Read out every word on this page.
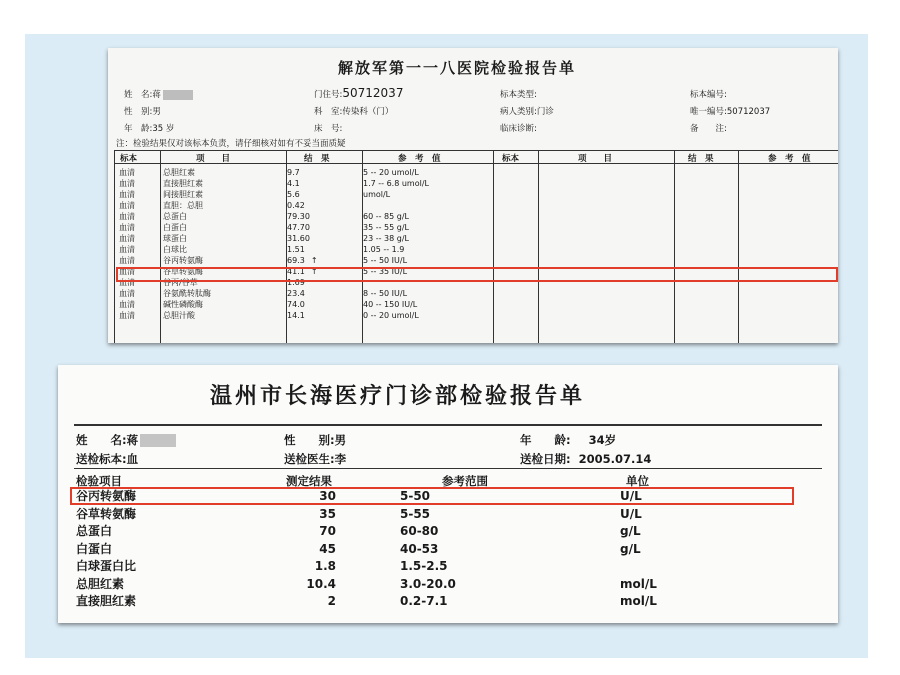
解放军第一一八医院检验报告单
姓　名:蒋
性　别:男
年　龄:35 岁
门住号:50712037
科　室:传染科（门）
床　号:
标本类型:
病人类别:门诊
临床诊断:
标本编号:
唯一编号:50712037
备　　注:
注：检验结果仅对该标本负责，请仔细核对如有不妥当面质疑
标本	项　　目	结　果	参　考　值	标本	项　　目	结　果	参　考　值
血清	总胆红素	9.7	5 -- 20 umol/L
血清	直接胆红素	4.1	1.7 -- 6.8 umol/L
血清	间接胆红素	5.6	umol/L
血清	直胆：总胆	0.42	
血清	总蛋白	79.30	60 -- 85 g/L
血清	白蛋白	47.70	35 -- 55 g/L
血清	球蛋白	31.60	23 -- 38 g/L
血清	白球比	1.51	1.05 -- 1.9
血清	谷丙转氨酶	69.3 ↑	5 -- 50 IU/L
血清	谷草转氨酶	41.1 ↑	5 -- 35 IU/L
血清	谷丙/谷草	1.69	
血清	谷氨酰转肽酶	23.4	8 -- 50 IU/L
血清	碱性磷酸酶	74.0	40 -- 150 IU/L
血清	总胆汁酸	14.1	0 -- 20 umol/L
温州市长海医疗门诊部检验报告单
姓　　名:蒋	性　　别:男	年　　龄: 34岁
送检标本:血	送检医生:李	送检日期: 2005.07.14
检验项目	测定结果	参考范围	单位
谷丙转氨酶	30	5-50	U/L
谷草转氨酶	35	5-55	U/L
总蛋白	70	60-80	g/L
白蛋白	45	40-53	g/L
白球蛋白比	1.8	1.5-2.5	
总胆红素	10.4	3.0-20.0	mol/L
直接胆红素	2	0.2-7.1	mol/L
